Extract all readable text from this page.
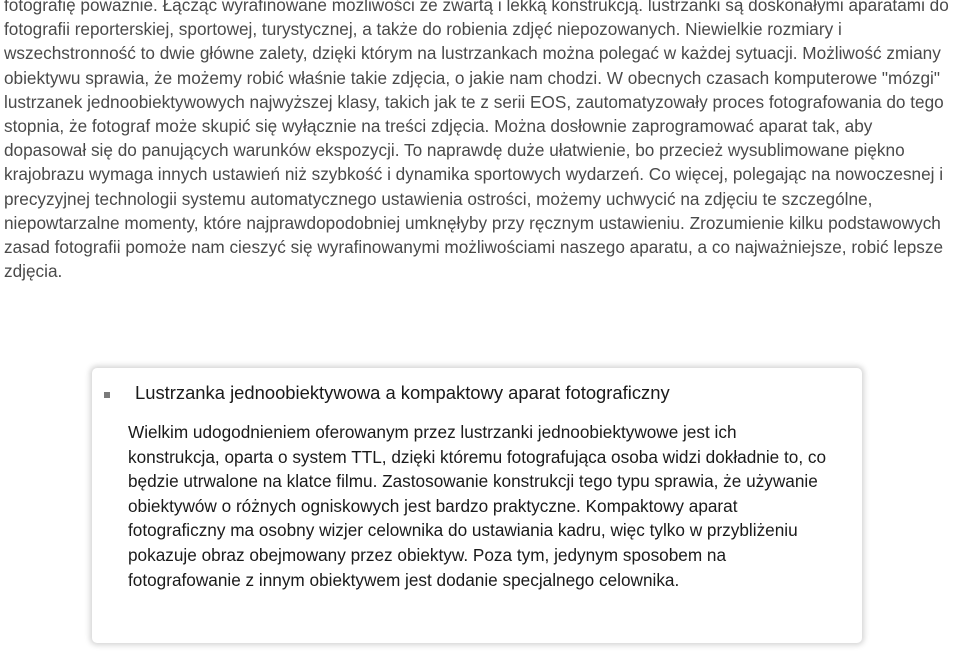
fotografię poważnie. Łącząc wyrafinowane możliwości ze zwartą i lekką konstrukcją. lustrzanki są doskonałymi aparatami do fotografii reporterskiej, sportowej, turystycznej, a także do robienia zdjęć niepozowanych. Niewielkie rozmiary i wszechstronność to dwie główne zalety, dzięki którym na lustrzankach można polegać w każdej sytuacji. Możliwość zmiany obiektywu sprawia, że możemy robić właśnie takie zdjęcia, o jakie nam chodzi. W obecnych czasach komputerowe "mózgi" lustrzanek jednoobiektywowych najwyższej klasy, takich jak te z serii EOS, zautomatyzowały proces fotografowania do tego stopnia, że fotograf może skupić się wyłącznie na treści zdjęcia. Można dosłownie zaprogramować aparat tak, aby dopasował się do panujących warunków ekspozycji. To naprawdę duże ułatwienie, bo przecież wysublimowane piękno krajobrazu wymaga innych ustawień niż szybkość i dynamika sportowych wydarzeń. Co więcej, polegając na nowoczesnej i precyzyjnej technologii systemu automatycznego ustawienia ostrości, możemy uchwycić na zdjęciu te szczególne, niepowtarzalne momenty, które najprawdopodobniej umknęłyby przy ręcznym ustawieniu. Zrozumienie kilku podstawowych zasad fotografii pomoże nam cieszyć się wyrafinowanymi możliwościami naszego aparatu, a co najważniejsze, robić lepsze zdjęcia.

Lustrzanka jednoobiektywowa a kompaktowy aparat fotograficzny

Wielkim udogodnieniem oferowanym przez lustrzanki jednoobiektywowe jest ich konstrukcja, oparta o system TTL, dzięki któremu fotografująca osoba widzi dokładnie to, co będzie utrwalone na klatce filmu. Zastosowanie konstrukcji tego typu sprawia, że używanie obiektywów o różnych ogniskowych jest bardzo praktyczne. Kompaktowy aparat fotograficzny ma osobny wizjer celownika do ustawiania kadru, więc tylko w przybliżeniu pokazuje obraz obejmowany przez obiektyw. Poza tym, jedynym sposobem na fotografowanie z innym obiektywem jest dodanie specjalnego celownika.
